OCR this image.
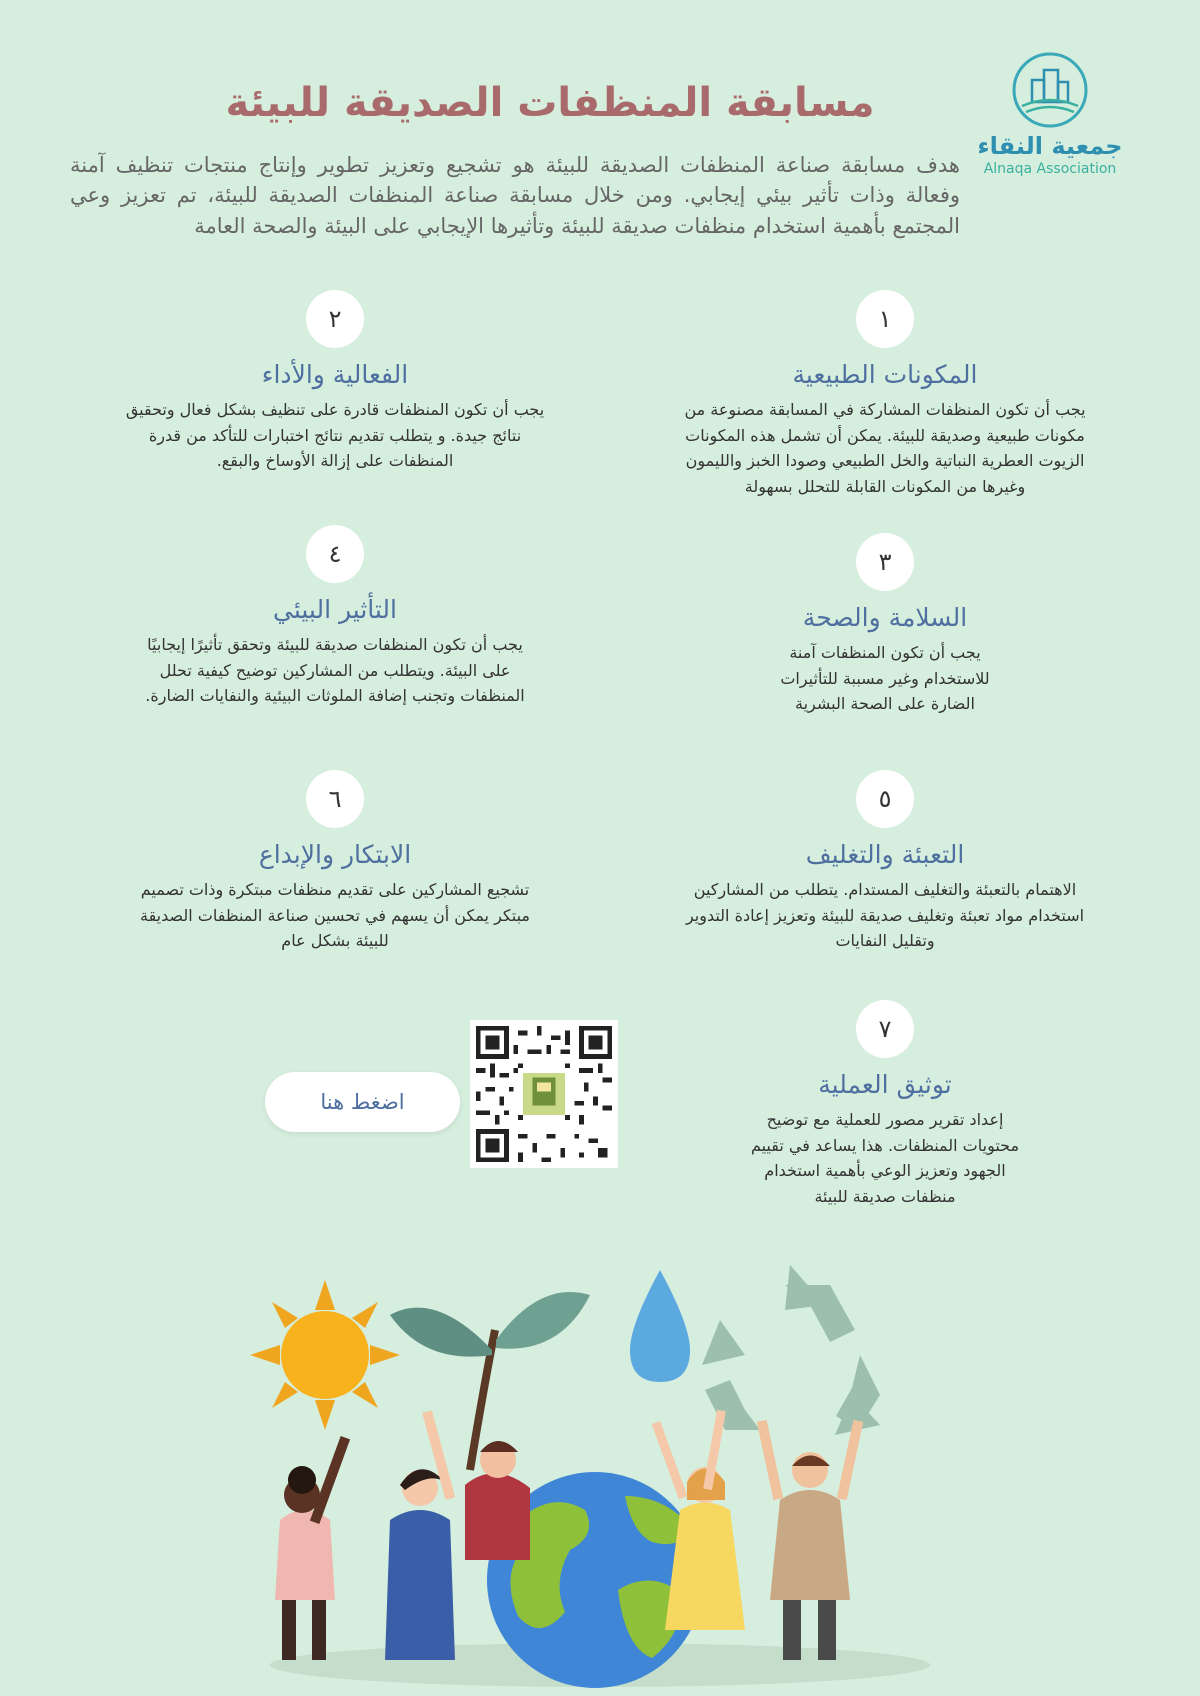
جمعية النقاء
Alnaqa Association
مسابقة المنظفات الصديقة للبيئة

هدف مسابقة صناعة المنظفات الصديقة للبيئة هو تشجيع وتعزيز تطوير وإنتاج منتجات تنظيف آمنة وفعالة وذات تأثير بيئي إيجابي. ومن خلال مسابقة صناعة المنظفات الصديقة للبيئة، تم تعزيز وعي المجتمع بأهمية استخدام منظفات صديقة للبيئة وتأثيرها الإيجابي على البيئة والصحة العامة

١
المكونات الطبيعية
يجب أن تكون المنظفات المشاركة في المسابقة مصنوعة من مكونات طبيعية وصديقة للبيئة. يمكن أن تشمل هذه المكونات الزيوت العطرية النباتية والخل الطبيعي وصودا الخبز والليمون وغيرها من المكونات القابلة للتحلل بسهولة
٢
الفعالية والأداء
يجب أن تكون المنظفات قادرة على تنظيف بشكل فعال وتحقيق نتائج جيدة. و يتطلب تقديم نتائج اختبارات للتأكد من قدرة المنظفات على إزالة الأوساخ والبقع.
٣
السلامة والصحة
يجب أن تكون المنظفات آمنة للاستخدام وغير مسببة للتأثيرات الضارة على الصحة البشرية
٤
التأثير البيئي
يجب أن تكون المنظفات صديقة للبيئة وتحقق تأثيرًا إيجابيًا على البيئة. ويتطلب من المشاركين توضيح كيفية تحلل المنظفات وتجنب إضافة الملوثات البيئية والنفايات الضارة.
٥
التعبئة والتغليف
الاهتمام بالتعبئة والتغليف المستدام. يتطلب من المشاركين استخدام مواد تعبئة وتغليف صديقة للبيئة وتعزيز إعادة التدوير وتقليل النفايات
٦
الابتكار والإبداع
تشجيع المشاركين على تقديم منظفات مبتكرة وذات تصميم مبتكر يمكن أن يسهم في تحسين صناعة المنظفات الصديقة للبيئة بشكل عام
٧
توثيق العملية
إعداد تقرير مصور للعملية مع توضيح محتويات المنظفات. هذا يساعد في تقييم الجهود وتعزيز الوعي بأهمية استخدام منظفات صديقة للبيئة
اضغط هنا
